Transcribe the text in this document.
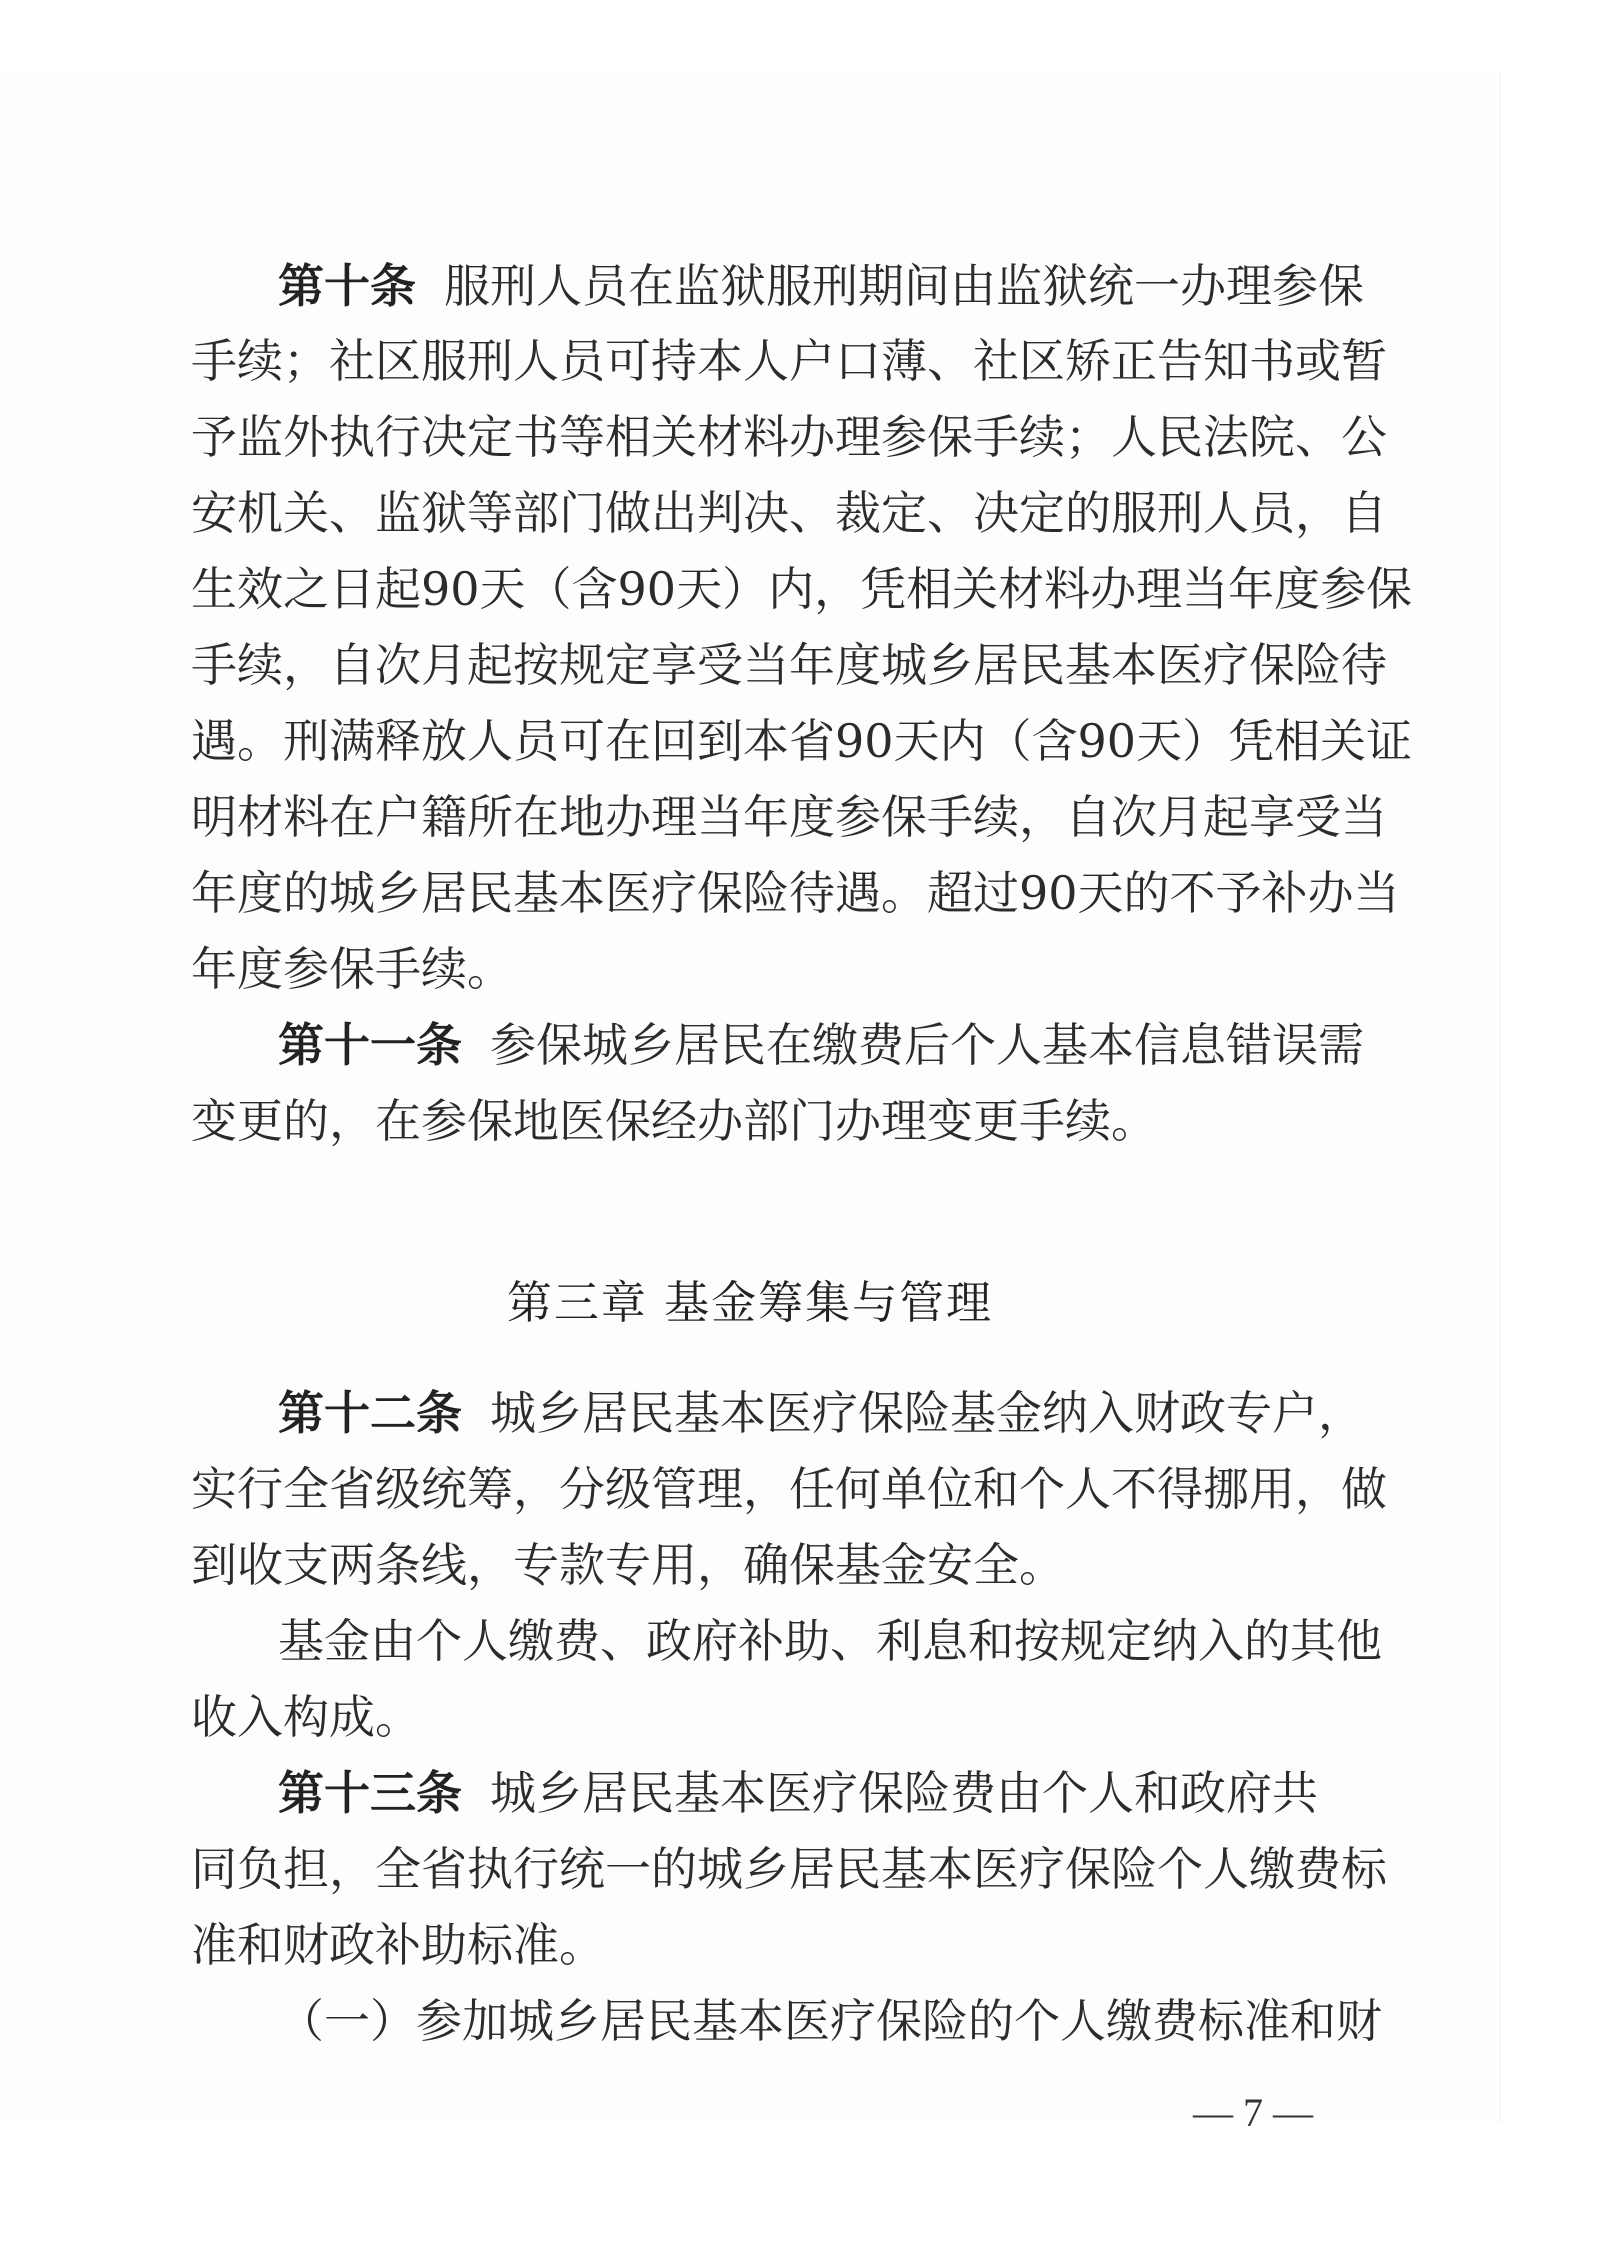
第十条 服刑人员在监狱服刑期间由监狱统一办理参保

手续；社区服刑人员可持本人户口薄、社区矫正告知书或暂

予监外执行决定书等相关材料办理参保手续；人民法院、公

安机关、监狱等部门做出判决、裁定、决定的服刑人员，自

生效之日起90天（含90天）内，凭相关材料办理当年度参保

手续，自次月起按规定享受当年度城乡居民基本医疗保险待

遇。刑满释放人员可在回到本省90天内（含90天）凭相关证

明材料在户籍所在地办理当年度参保手续，自次月起享受当

年度的城乡居民基本医疗保险待遇。超过90天的不予补办当

年度参保手续。

第十一条 参保城乡居民在缴费后个人基本信息错误需

变更的，在参保地医保经办部门办理变更手续。

第三章 基金筹集与管理

第十二条 城乡居民基本医疗保险基金纳入财政专户，

实行全省级统筹，分级管理，任何单位和个人不得挪用，做

到收支两条线，专款专用，确保基金安全。

基金由个人缴费、政府补助、利息和按规定纳入的其他

收入构成。

第十三条 城乡居民基本医疗保险费由个人和政府共

同负担，全省执行统一的城乡居民基本医疗保险个人缴费标

准和财政补助标准。

（一）参加城乡居民基本医疗保险的个人缴费标准和财

— 7 —
